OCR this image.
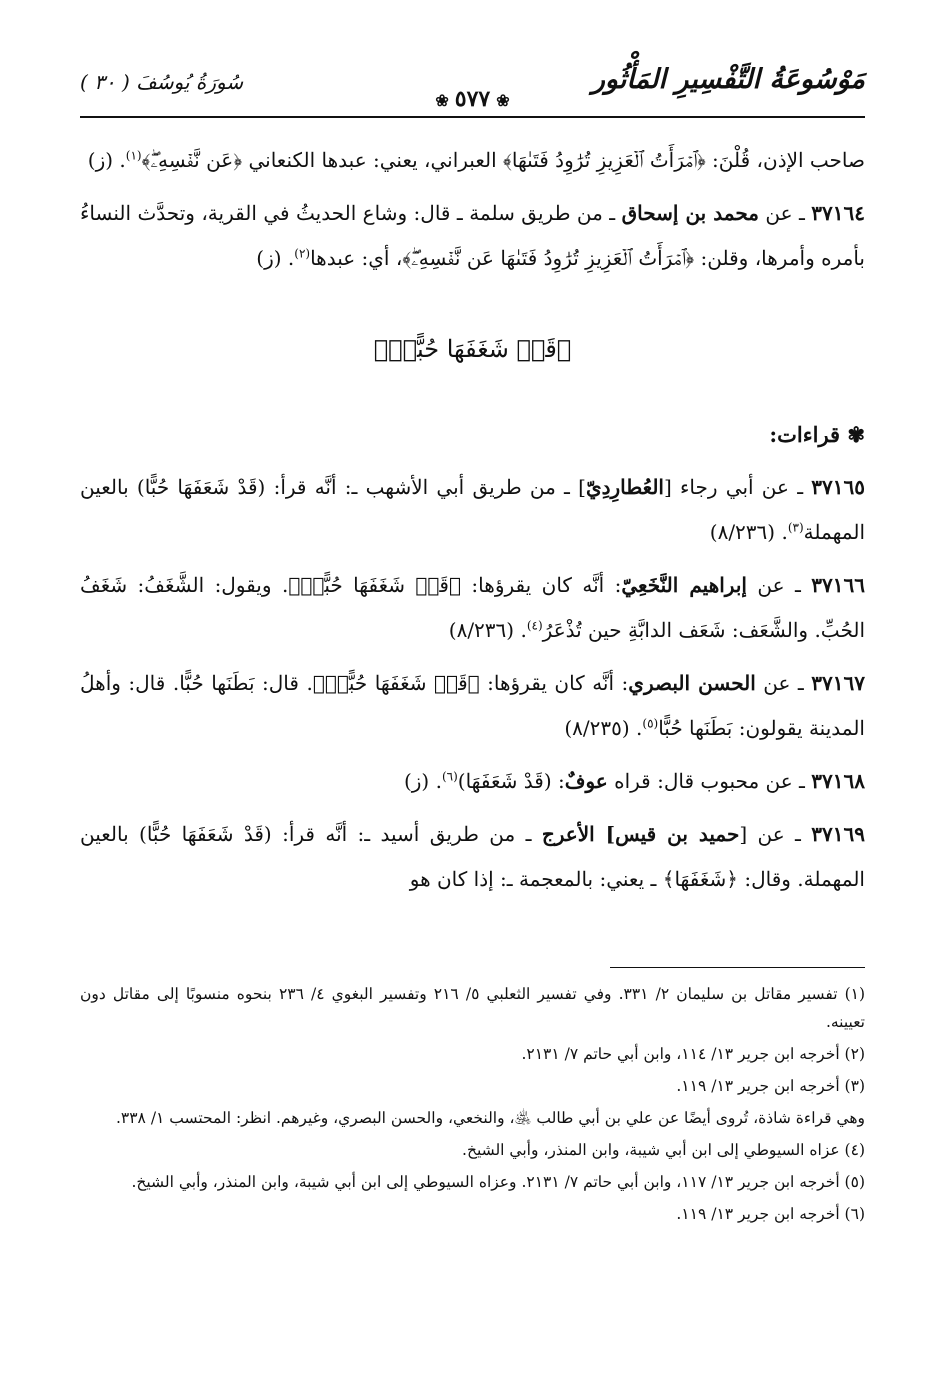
مَوْسُوعَةُ التَّفْسِيرِ المَأْثُور
❀٥٧٧❀
سُورَةُ يُوسُفَ ( ٣٠ )

صاحب الإذن، قُلْنَ: ﴿ٱمۡرَأَتُ ٱلۡعَزِيزِ تُرَٰوِدُ فَتَىٰهَا﴾ العبراني، يعني: عبدها الكنعاني ﴿عَن نَّفۡسِهِۦۖ﴾$^{(١)}$. (ز)

٣٧١٦٤ ـ عن محمد بن إسحاق ـ من طريق سلمة ـ قال: وشاع الحديثُ في القرية، وتحدَّث النساءُ بأمره وأمرها، وقلن: ﴿ٱمۡرَأَتُ ٱلۡعَزِيزِ تُرَٰوِدُ فَتَىٰهَا عَن نَّفۡسِهِۦۖ﴾، أي: عبدها$^{(٢)}$. (ز)

﴿قَدۡ شَغَفَهَا حُبًّاۖ﴾
✾ قراءات:

٣٧١٦٥ ـ عن أبي رجاء [العُطارِدِيّ] ـ من طريق أبي الأشهب ـ: أنَّه قرأ: (قَدْ شَعَفَهَا حُبًّا) بالعين المهملة$^{(٣)}$. (٨/٢٣٦)

٣٧١٦٦ ـ عن إبراهيم النَّخَعِيّ: أنَّه كان يقرؤها: ﴿قَدۡ شَغَفَهَا حُبًّاۖ﴾. ويقول: الشَّغَفُ: شَغَفُ الحُبِّ. والشَّعَف: شَعَف الدابَّةِ حين تُذْعَرُ$^{(٤)}$. (٨/٢٣٦)

٣٧١٦٧ ـ عن الحسن البصري: أنَّه كان يقرؤها: ﴿قَدۡ شَغَفَهَا حُبًّاۖ﴾. قال: بَطَنَها حُبًّا. قال: وأهلُ المدينة يقولون: بَطَنَها حُبًّا$^{(٥)}$. (٨/٢٣٥)

٣٧١٦٨ ـ عن محبوب قال: قراه عوفٌ: (قَدْ شَعَفَهَا)$^{(٦)}$. (ز)

٣٧١٦٩ ـ عن [حميد بن قيس] الأعرج ـ من طريق أسيد ـ: أنَّه قرأ: (قَدْ شَعَفَهَا حُبًّا) بالعين المهملة. وقال: ﴿شَغَفَهَا﴾ ـ يعني: بالمعجمة ـ: إذا كان هو

(١) تفسير مقاتل بن سليمان ٢/ ٣٣١. وفي تفسير الثعلبي ٥/ ٢١٦ وتفسير البغوي ٤/ ٢٣٦ بنحوه منسوبًا إلى مقاتل دون تعيينه.

(٢) أخرجه ابن جرير ١٣/ ١١٤، وابن أبي حاتم ٧/ ٢١٣١.

(٣) أخرجه ابن جرير ١٣/ ١١٩.

وهي قراءة شاذة، تُروى أيضًا عن علي بن أبي طالب ﵁، والنخعي، والحسن البصري، وغيرهم. انظر: المحتسب ١/ ٣٣٨.

(٤) عزاه السيوطي إلى ابن أبي شيبة، وابن المنذر، وأبي الشيخ.

(٥) أخرجه ابن جرير ١٣/ ١١٧، وابن أبي حاتم ٧/ ٢١٣١. وعزاه السيوطي إلى ابن أبي شيبة، وابن المنذر، وأبي الشيخ.

(٦) أخرجه ابن جرير ١٣/ ١١٩.
